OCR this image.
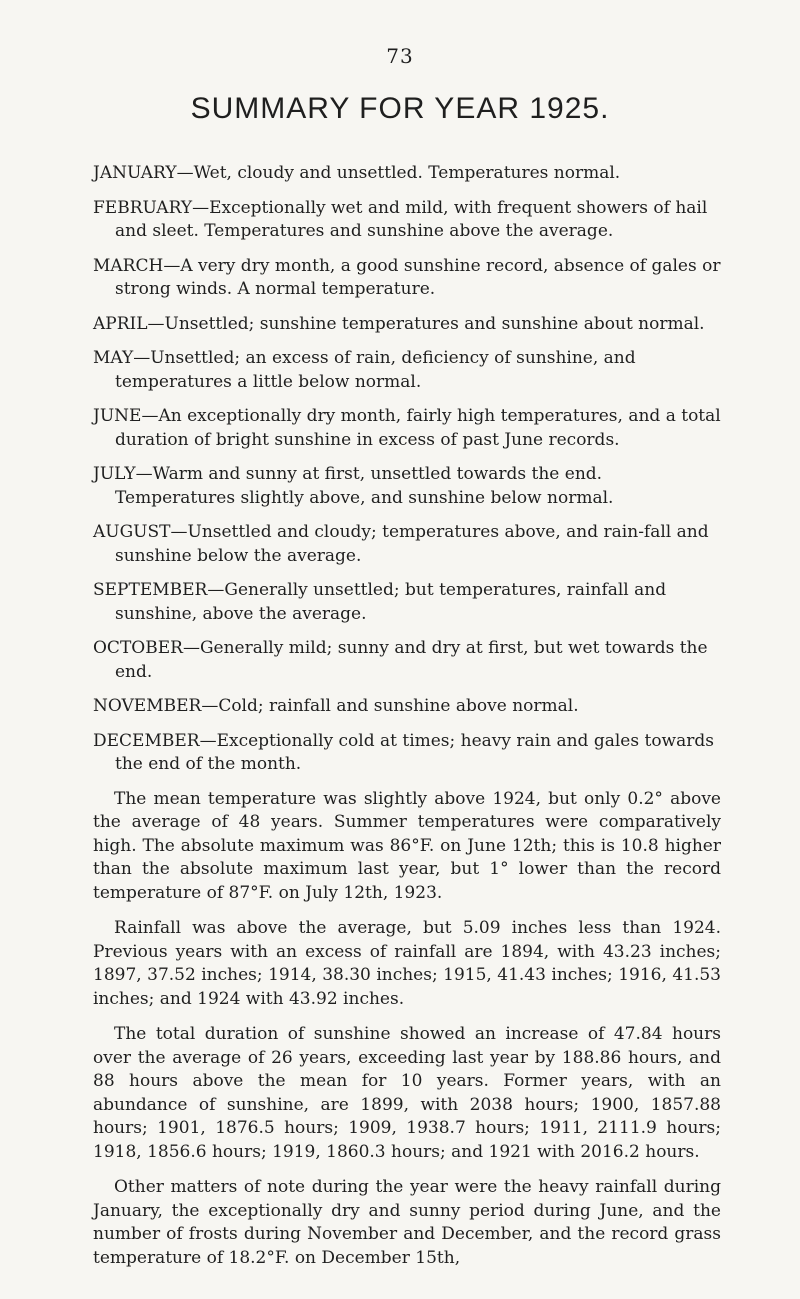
73
SUMMARY FOR YEAR 1925.
JANUARY—Wet, cloudy and unsettled. Temperatures normal.
FEBRUARY—Exceptionally wet and mild, with frequent showers of hail and sleet. Temperatures and sunshine above the average.
MARCH—A very dry month, a good sunshine record, absence of gales or strong winds. A normal temperature.
APRIL—Unsettled; sunshine temperatures and sunshine about normal.
MAY—Unsettled; an excess of rain, deficiency of sunshine, and temperatures a little below normal.
JUNE—An exceptionally dry month, fairly high temperatures, and a total duration of bright sunshine in excess of past June records.
JULY—Warm and sunny at first, unsettled towards the end. Temperatures slightly above, and sunshine below normal.
AUGUST—Unsettled and cloudy; temperatures above, and rain-fall and sunshine below the average.
SEPTEMBER—Generally unsettled; but temperatures, rainfall and sunshine, above the average.
OCTOBER—Generally mild; sunny and dry at first, but wet towards the end.
NOVEMBER—Cold; rainfall and sunshine above normal.
DECEMBER—Exceptionally cold at times; heavy rain and gales towards the end of the month.

The mean temperature was slightly above 1924, but only 0.2° above the average of 48 years. Summer temperatures were comparatively high. The absolute maximum was 86°F. on June 12th; this is 10.8 higher than the absolute maximum last year, but 1° lower than the record temperature of 87°F. on July 12th, 1923.

Rainfall was above the average, but 5.09 inches less than 1924. Previous years with an excess of rainfall are 1894, with 43.23 inches; 1897, 37.52 inches; 1914, 38.30 inches; 1915, 41.43 inches; 1916, 41.53 inches; and 1924 with 43.92 inches.

The total duration of sunshine showed an increase of 47.84 hours over the average of 26 years, exceeding last year by 188.86 hours, and 88 hours above the mean for 10 years. Former years, with an abundance of sunshine, are 1899, with 2038 hours; 1900, 1857.88 hours; 1901, 1876.5 hours; 1909, 1938.7 hours; 1911, 2111.9 hours; 1918, 1856.6 hours; 1919, 1860.3 hours; and 1921 with 2016.2 hours.

Other matters of note during the year were the heavy rainfall during January, the exceptionally dry and sunny period during June, and the number of frosts during November and December, and the record grass temperature of 18.2°F. on December 15th,
